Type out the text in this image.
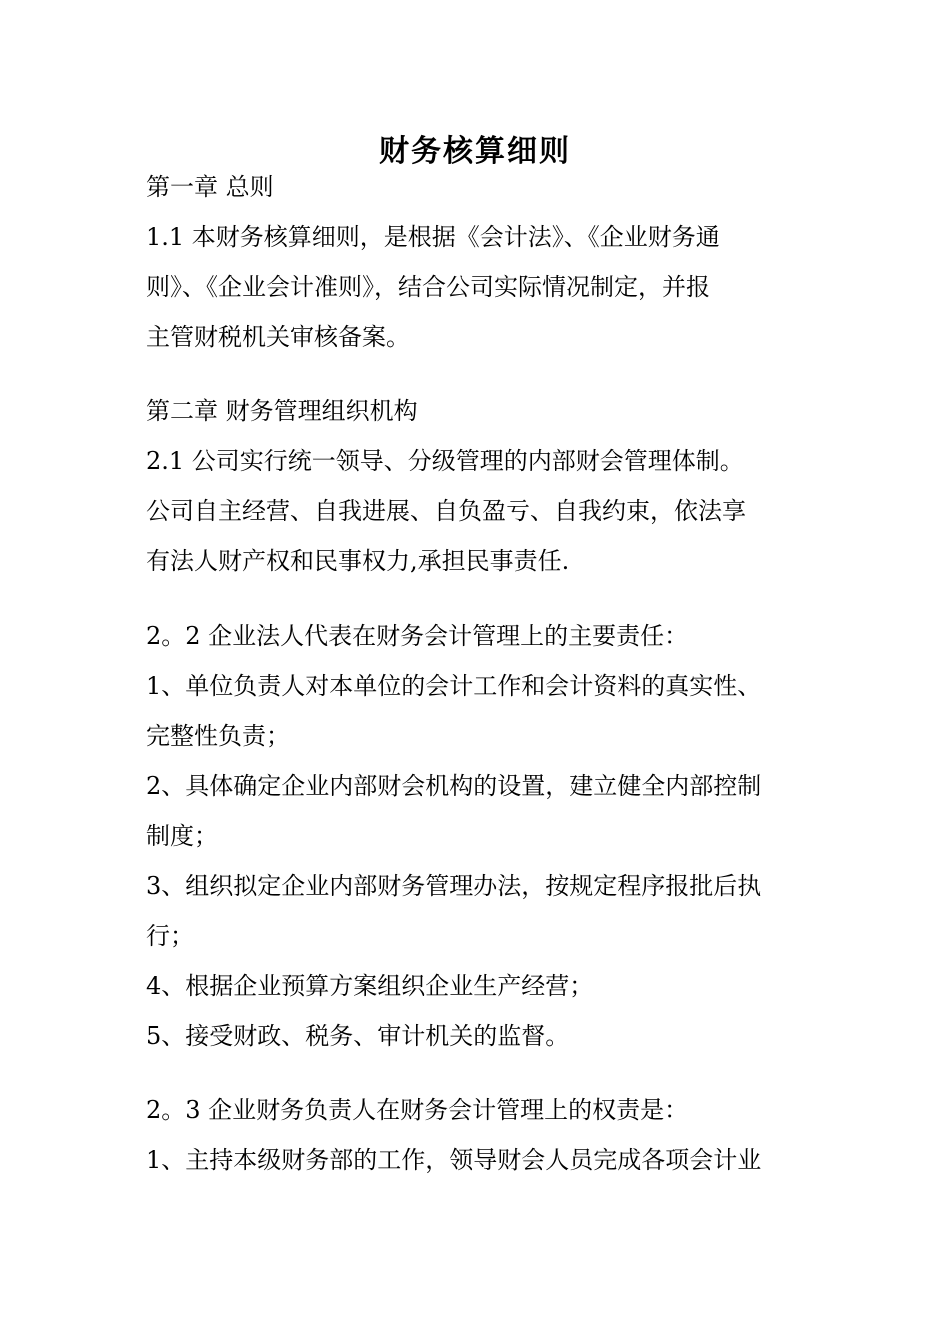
财务核算细则
第一章 总则
1.1 本财务核算细则，是根据《会计法》、《企业财务通
则》、《企业会计准则》，结合公司实际情况制定，并报
主管财税机关审核备案。
第二章 财务管理组织机构
2.1 公司实行统一领导、分级管理的内部财会管理体制。
公司自主经营、自我进展、自负盈亏、自我约束，依法享
有法人财产权和民事权力,承担民事责任.
2。2 企业法人代表在财务会计管理上的主要责任：
1、单位负责人对本单位的会计工作和会计资料的真实性、
完整性负责；
2、具体确定企业内部财会机构的设置，建立健全内部控制
制度；
3、组织拟定企业内部财务管理办法，按规定程序报批后执
行；
4、根据企业预算方案组织企业生产经营；
5、接受财政、税务、审计机关的监督。
2。3 企业财务负责人在财务会计管理上的权责是：
1、主持本级财务部的工作，领导财会人员完成各项会计业
